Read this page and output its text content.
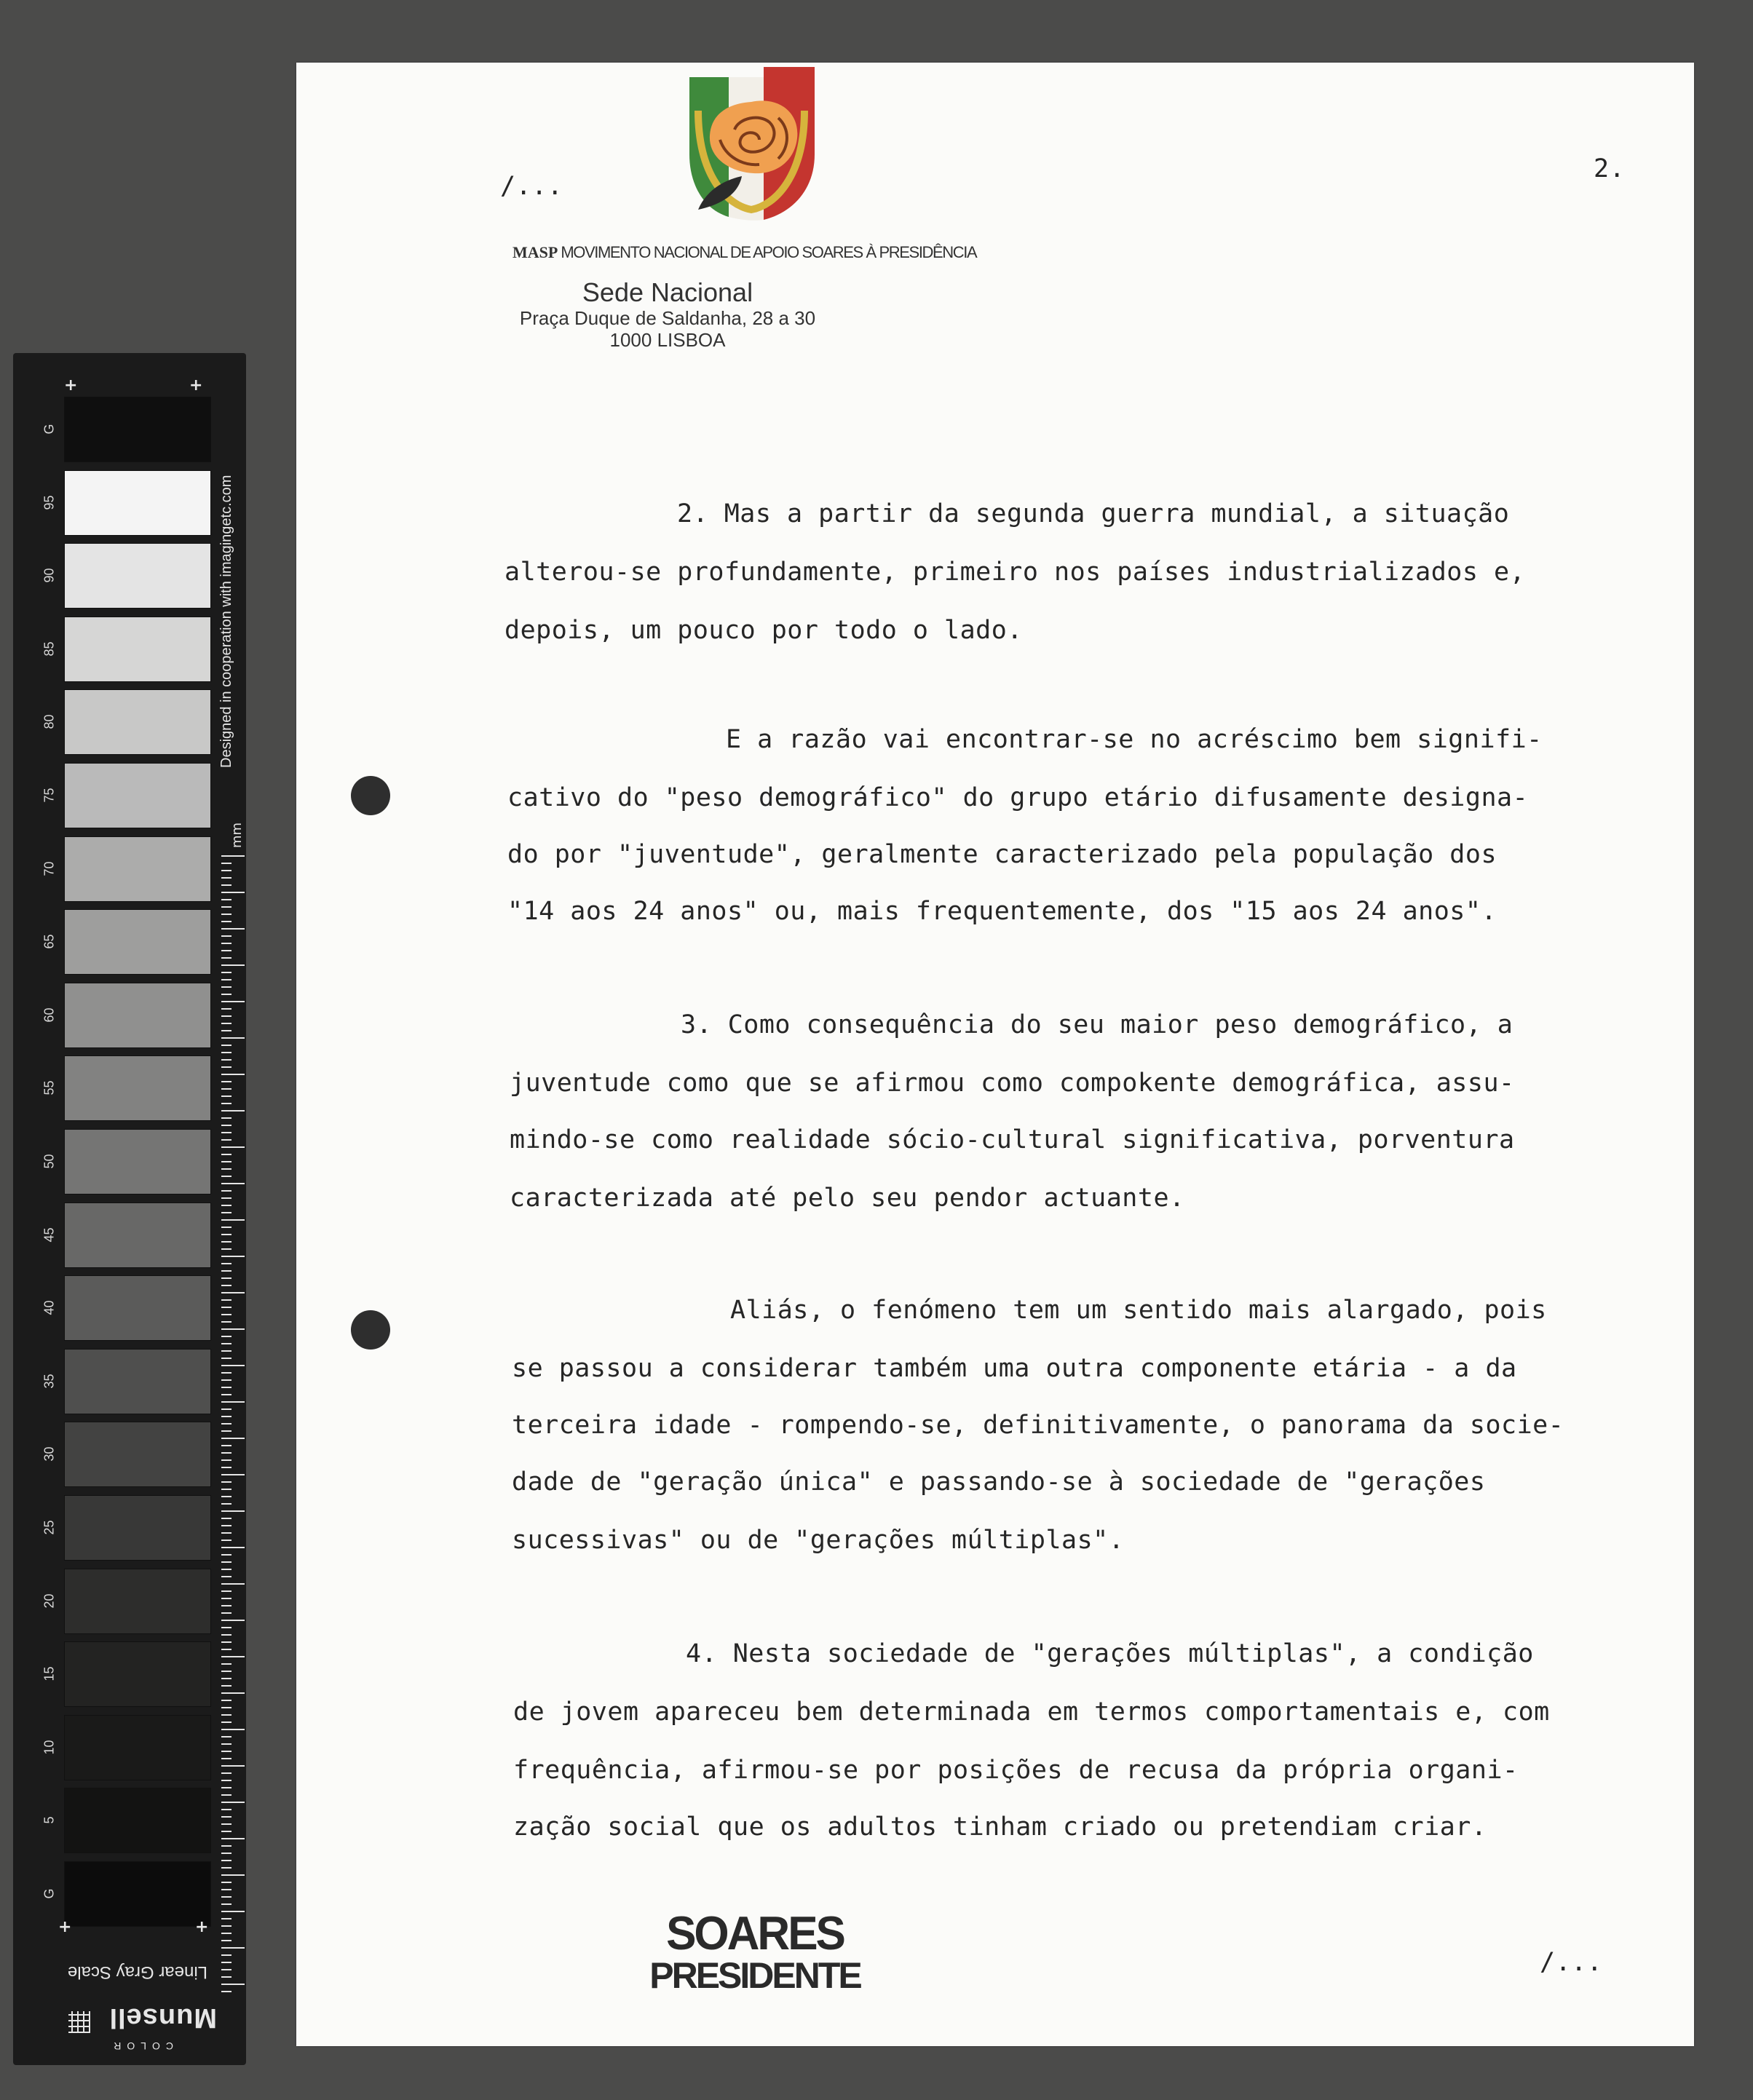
+	+
G
95
90
85
80
75
70
65
60
55
50
45
40
35
30
25
20
15
10
5
G
mm
Designed in cooperation with imagingetc.com
+	+
Linear Gray Scale
Munsell
COLOR
MASP MOVIMENTO NACIONAL DE APOIO SOARES À PRESIDÊNCIA
Sede Nacional
Praça Duque de Saldanha, 28 a 30
1000 LISBOA
/...
2.
2. Mas a partir da segunda guerra mundial, a situação
alterou-se profundamente, primeiro nos países industrializados e,
depois, um pouco por todo o lado.
E a razão vai encontrar-se no acréscimo bem signifi-
cativo do "peso demográfico" do grupo etário difusamente designa-
do por "juventude", geralmente caracterizado pela população dos
"14 aos 24 anos" ou, mais frequentemente, dos "15 aos 24 anos".
3. Como consequência do seu maior peso demográfico, a
juventude como que se afirmou como compokente demográfica, assu-
mindo-se como realidade sócio-cultural significativa, porventura
caracterizada até pelo seu pendor actuante.
Aliás, o fenómeno tem um sentido mais alargado, pois
se passou a considerar também uma outra componente etária - a da
terceira idade - rompendo-se, definitivamente, o panorama da socie-
dade de "geração única" e passando-se à sociedade de "gerações
sucessivas" ou de "gerações múltiplas".
4. Nesta sociedade de "gerações múltiplas", a condição
de jovem apareceu bem determinada em termos comportamentais e, com
frequência, afirmou-se por posições de recusa da própria organi-
zação social que os adultos tinham criado ou pretendiam criar.
SOARES
PRESIDENTE	/...
